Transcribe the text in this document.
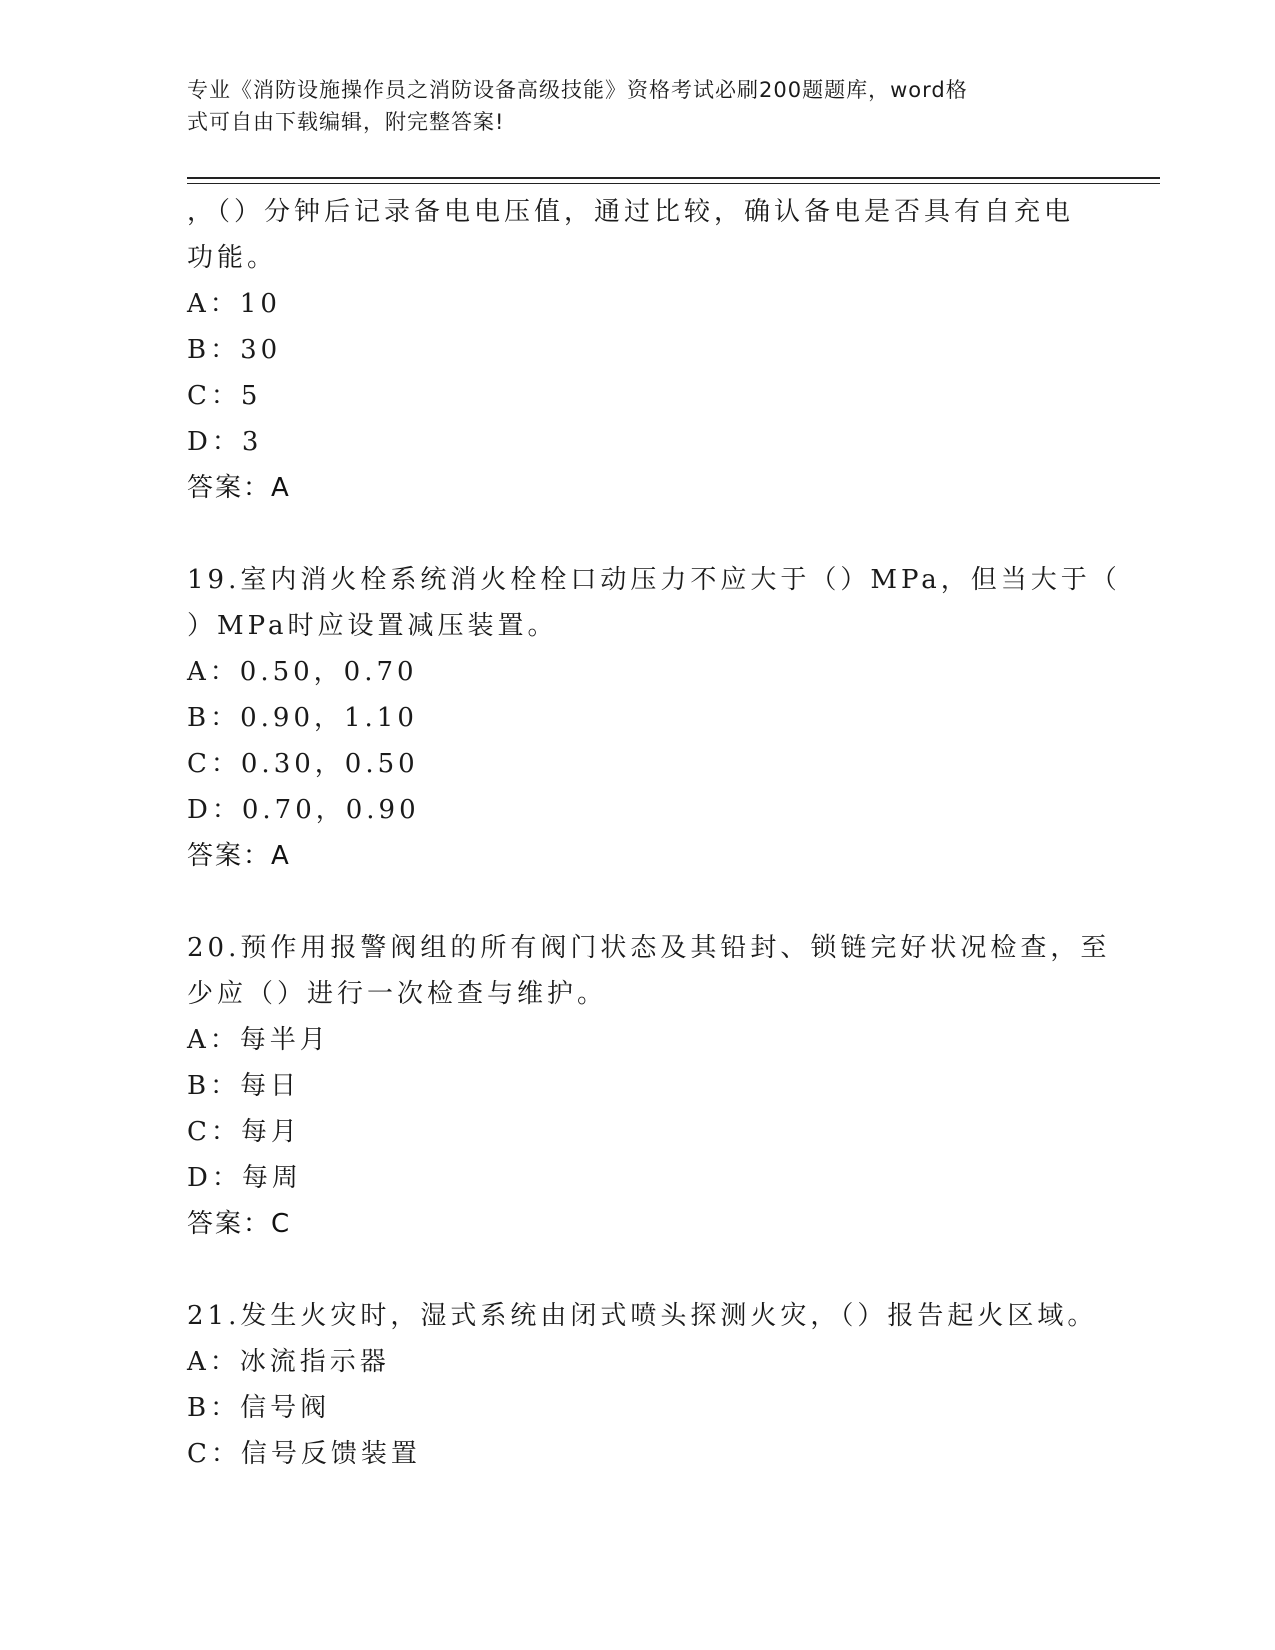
专业《消防设施操作员之消防设备高级技能》资格考试必刷200题题库，word格
式可自由下载编辑，附完整答案!
，（）分钟后记录备电电压值，通过比较，确认备电是否具有自充电
功能。
A：10
B：30
C：5
D：3
答案：A
19.室内消火栓系统消火栓栓口动压力不应大于（）MPa，但当大于（
）MPa时应设置减压装置。
A：0.50，0.70
B：0.90，1.10
C：0.30，0.50
D：0.70，0.90
答案：A
20.预作用报警阀组的所有阀门状态及其铅封、锁链完好状况检查，至
少应（）进行一次检查与维护。
A：每半月
B：每日
C：每月
D：每周
答案：C
21.发生火灾时，湿式系统由闭式喷头探测火灾，（）报告起火区域。
A：冰流指示器
B：信号阀
C：信号反馈装置
